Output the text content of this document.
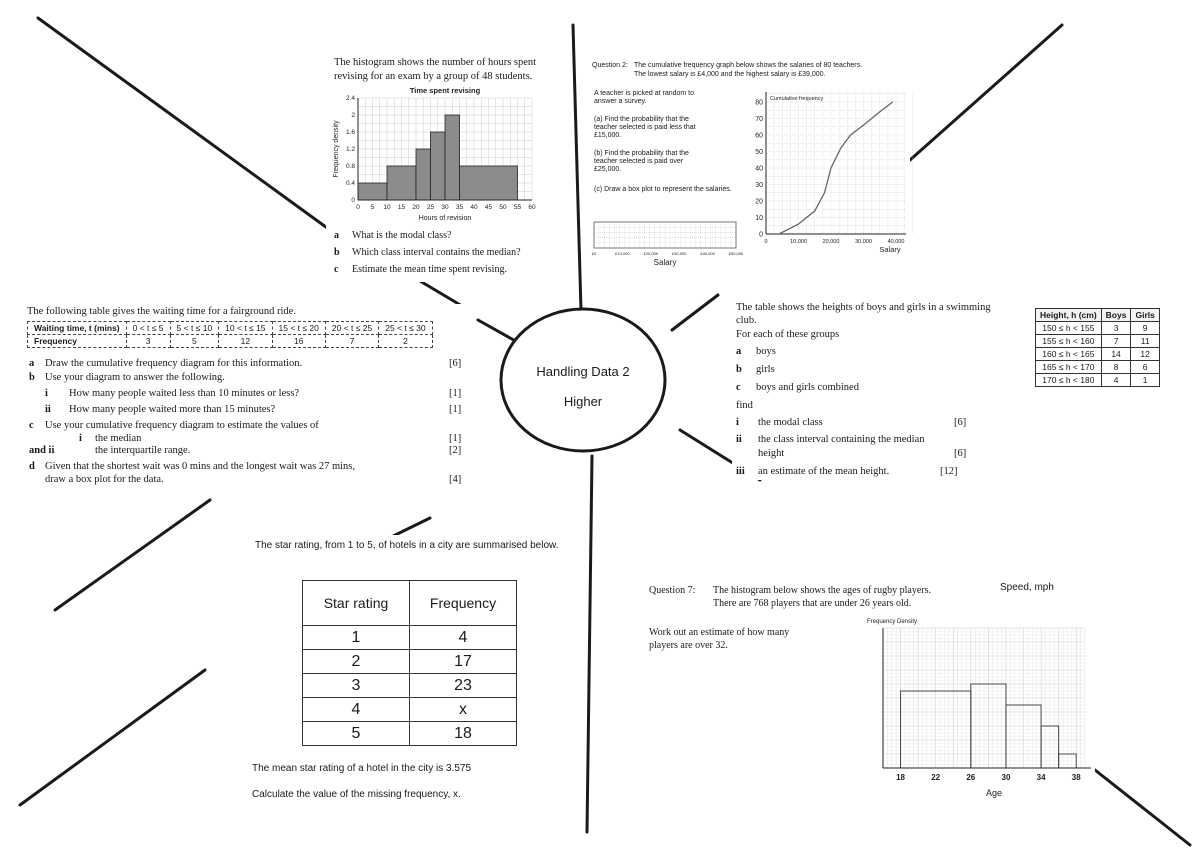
Handling Data 2
Higher
The histogram shows the number of hours spent
revising for an exam by a group of 48 students.
Time spent revising
0 5 10 15 20 25 30 35 40 45 50 55 60
0
0.4
0.8
1.2
1.6
2
2.4
Hours of revision
Frequency density
a What is the modal class?
b Which class interval contains the median?
c Estimate the mean time spent revising.
Question 2: The cumulative frequency graph below shows the salaries of 80 teachers.
The lowest salary is £4,000 and the highest salary is £39,000.
A teacher is picked at random to
answer a survey.
(a) Find the probability that the
teacher selected is paid less that
£15,000.
(b) Find the probability that the
teacher selected is paid over
£25,000.
(c) Draw a box plot to represent the salaries.
£0	£10,000	£20,000	£30,000	£40,000	£50,000
Salary
Cumulative frequency
0
10
20
30
40
50
60
70
80
0	10,000	20,000	30,000	40,000
Salary
The following table gives the waiting time for a fairground ride.
Waiting time, t (mins)	0 < t ≤ 5	5 < t ≤ 10	10 < t ≤ 15	15 < t ≤ 20	20 < t ≤ 25	25 < t ≤ 30
Frequency	3	5	12	16	7	2
a Draw the cumulative frequency diagram for this information.	[6]
b Use your diagram to answer the following.
i How many people waited less than 10 minutes or less?	[1]
ii How many people waited more than 15 minutes?	[1]
c Use your cumulative frequency diagram to estimate the values of
i the median	[1]
and ii	the interquartile range.	[2]
d Given that the shortest wait was 0 mins and the longest wait was 27 mins,
draw a box plot for the data.	[4]
The table shows the heights of boys and girls in a swimming
club.
For each of these groups
a boys
b girls
c boys and girls combined
find
i the modal class	[6]
ii the class interval containing the median
height	[6]
iii an estimate of the mean height.	[12]
Height, h (cm)	Boys	Girls
150 ≤ h < 155	3	9
155 ≤ h < 160	7	11
160 ≤ h < 165	14	12
165 ≤ h < 170	8	6
170 ≤ h < 180	4	1
The star rating, from 1 to 5, of hotels in a city are summarised below.
Star rating	Frequency
1	4
2	17
3	23
4	x
5	18
The mean star rating of a hotel in the city is 3.575
Calculate the value of the missing frequency, x.
Question 7: The histogram below shows the ages of rugby players.
There are 768 players that are under 26 years old.
Speed, mph
Work out an estimate of how many
players are over 32.
Frequency Density
18	22	26	30	34	38
Age
